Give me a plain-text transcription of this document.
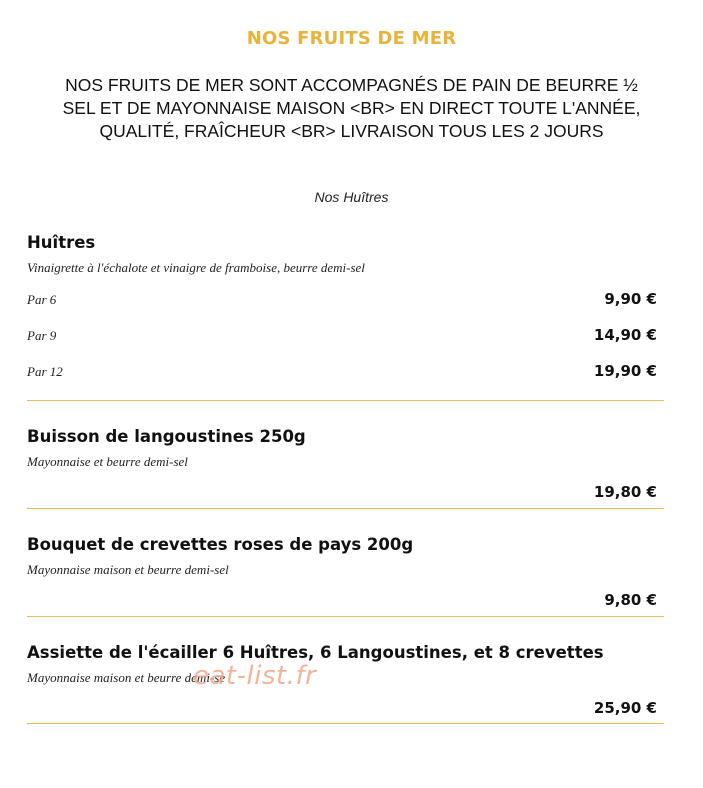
NOS FRUITS DE MER
NOS FRUITS DE MER SONT ACCOMPAGNÉS DE PAIN DE BEURRE ½
SEL ET DE MAYONNAISE MAISON <BR> EN DIRECT TOUTE L'ANNÉE,
QUALITÉ, FRAÎCHEUR <BR> LIVRAISON TOUS LES 2 JOURS
Nos Huîtres
Huîtres
Vinaigrette à l'échalote et vinaigre de framboise, beurre demi-sel
Par 6	9,90 €
Par 9	14,90 €
Par 12	19,90 €
Buisson de langoustines 250g
Mayonnaise et beurre demi-sel
19,80 €
Bouquet de crevettes roses de pays 200g
Mayonnaise maison et beurre demi-sel
9,80 €
Assiette de l'écailler 6 Huîtres, 6 Langoustines, et 8 crevettes
Mayonnaise maison et beurre demi-se
25,90 €
eat-list.fr
